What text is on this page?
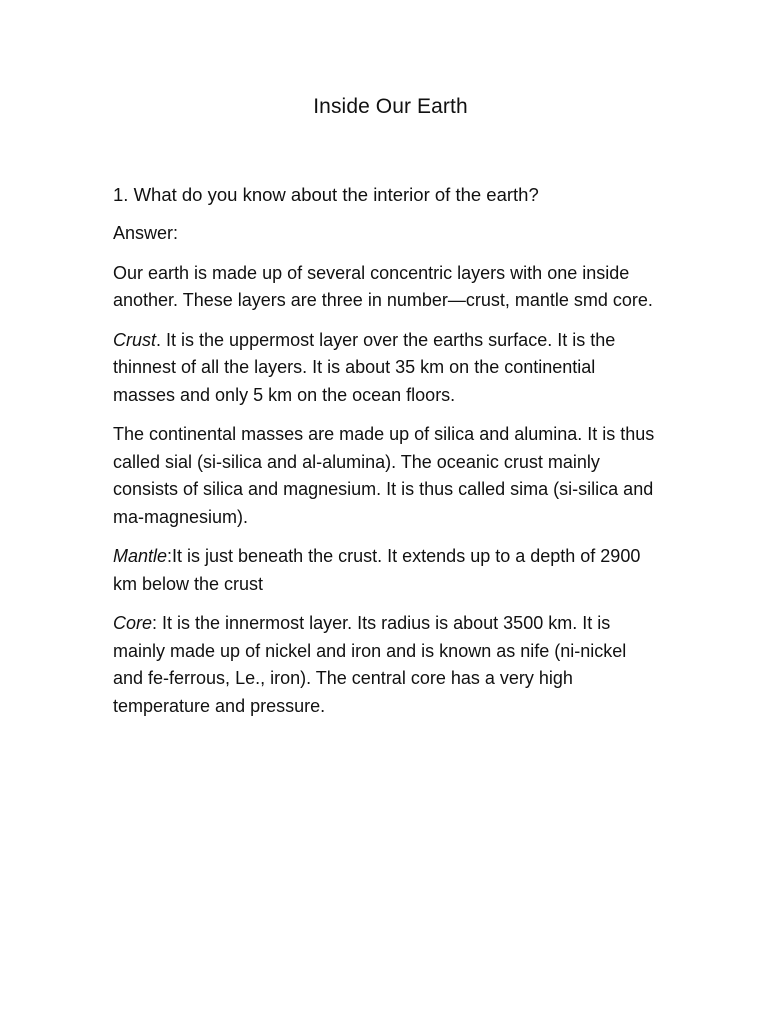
Inside Our Earth

1. What do you know about the interior of the earth?

Answer:

Our earth is made up of several concentric layers with one inside another. These layers are three in number—crust, mantle smd core.

Crust. It is the uppermost layer over the earths surface. It is the thinnest of all the layers. It is about 35 km on the continential masses and only 5 km on the ocean floors.

The continental masses are made up of silica and alumina. It is thus called sial (si-silica and al-alumina). The oceanic crust mainly consists of silica and magnesium. It is thus called sima (si-silica and ma-magnesium).

Mantle:It is just beneath the crust. It extends up to a depth of 2900 km below the crust

Core: It is the innermost layer. Its radius is about 3500 km. It is mainly made up of nickel and iron and is known as nife (ni-nickel and fe-ferrous, Le., iron). The central core has a very high temperature and pressure.
